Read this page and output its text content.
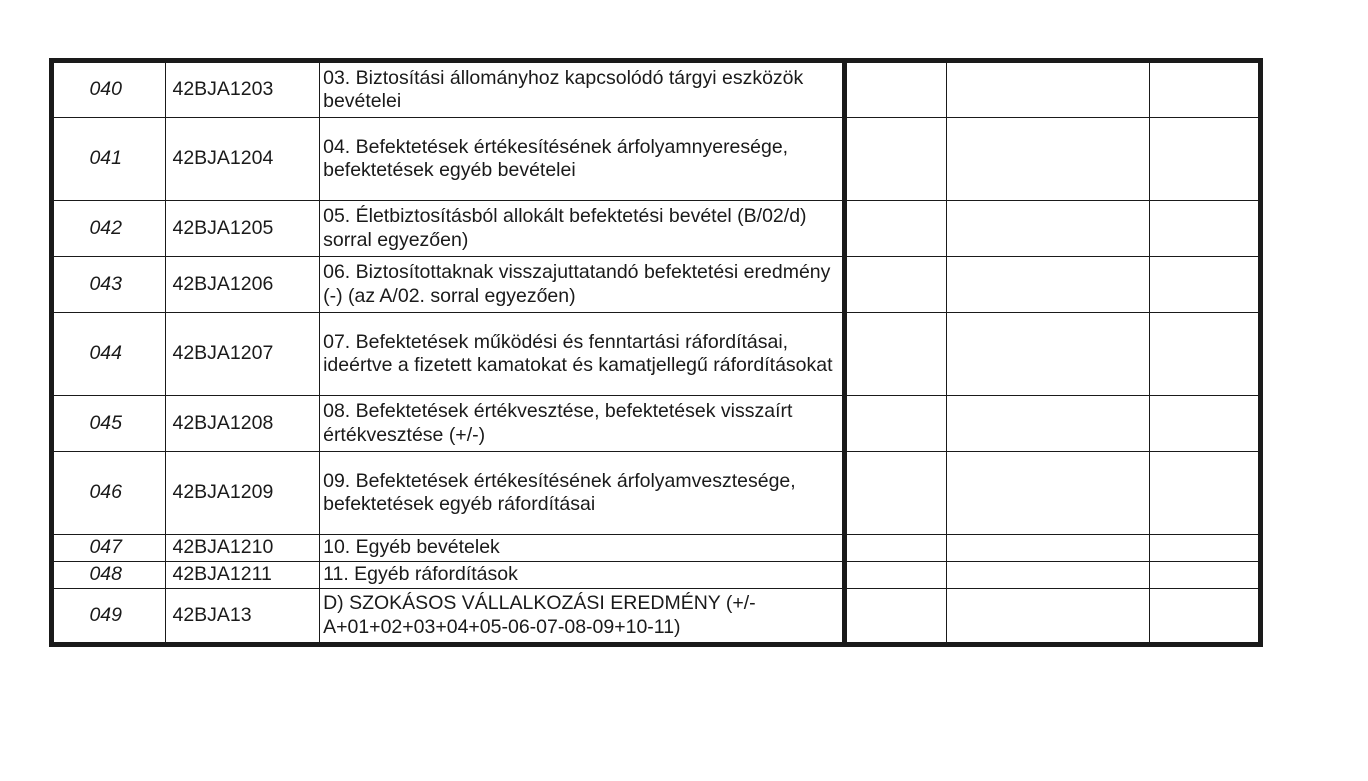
040	42BJA1203	03. Biztosítási állományhoz kapcsolódó tárgyi eszközök bevételei			
041	42BJA1204	04. Befektetések értékesítésének árfolyamnyeresége, befektetések egyéb bevételei			
042	42BJA1205	05. Életbiztosításból allokált befektetési bevétel (B/02/d) sorral egyezően)			
043	42BJA1206	06. Biztosítottaknak visszajuttatandó befektetési eredmény (-) (az A/02. sorral egyezően)			
044	42BJA1207	07. Befektetések működési és fenntartási ráfordításai, ideértve a fizetett kamatokat és kamatjellegű ráfordításokat			
045	42BJA1208	08. Befektetések értékvesztése, befektetések visszaírt értékvesztése (+/-)			
046	42BJA1209	09. Befektetések értékesítésének árfolyamvesztesége, befektetések egyéb ráfordításai			
047	42BJA1210	10. Egyéb bevételek			
048	42BJA1211	11. Egyéb ráfordítások			
049	42BJA13	D) SZOKÁSOS VÁLLALKOZÁSI EREDMÉNY (+/- A+01+02+03+04+05-06-07-08-09+10-11)			
